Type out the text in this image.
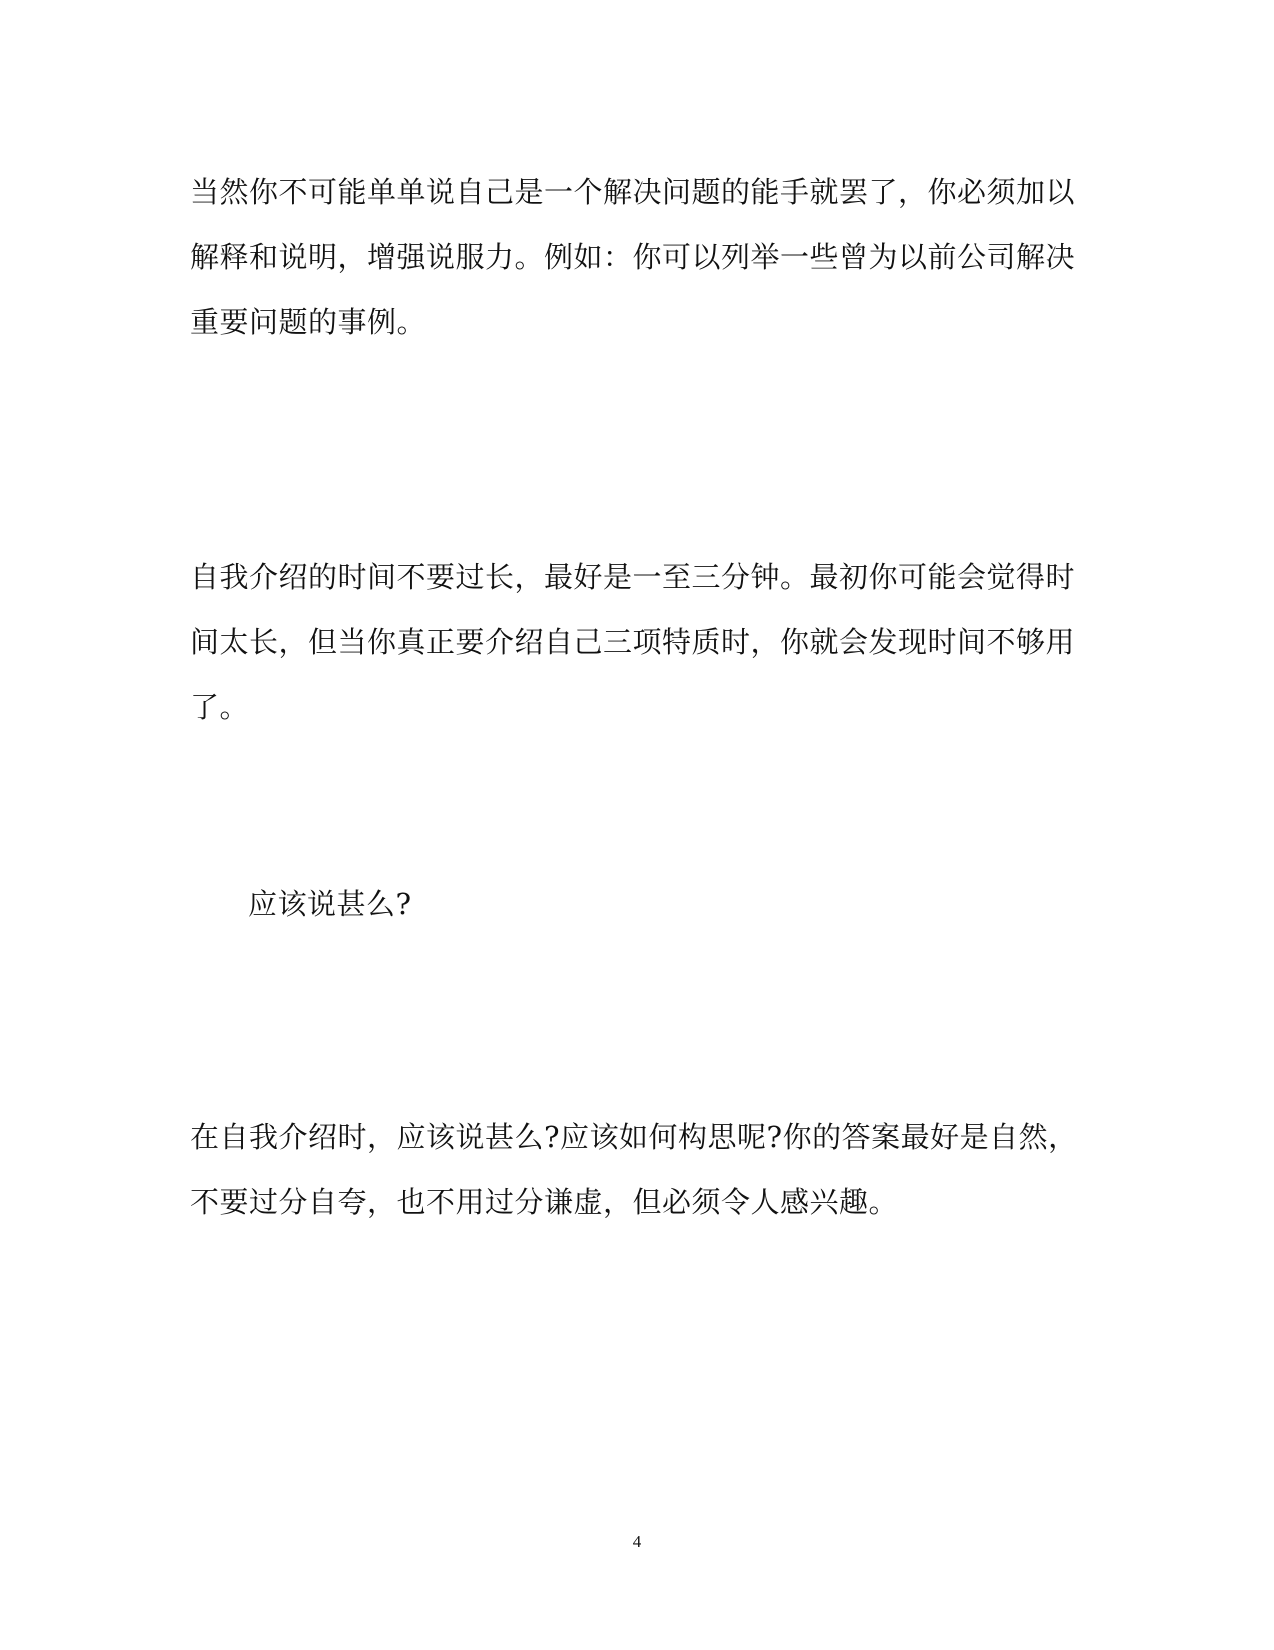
当然你不可能单单说自己是一个解决问题的能手就罢了，你必须加以
解释和说明，增强说服力。例如：你可以列举一些曾为以前公司解决
重要问题的事例。

自我介绍的时间不要过长，最好是一至三分钟。最初你可能会觉得时
间太长，但当你真正要介绍自己三项特质时，你就会发现时间不够用
了。

应该说甚么?

在自我介绍时，应该说甚么?应该如何构思呢?你的答案最好是自然，
不要过分自夸，也不用过分谦虚，但必须令人感兴趣。

4
